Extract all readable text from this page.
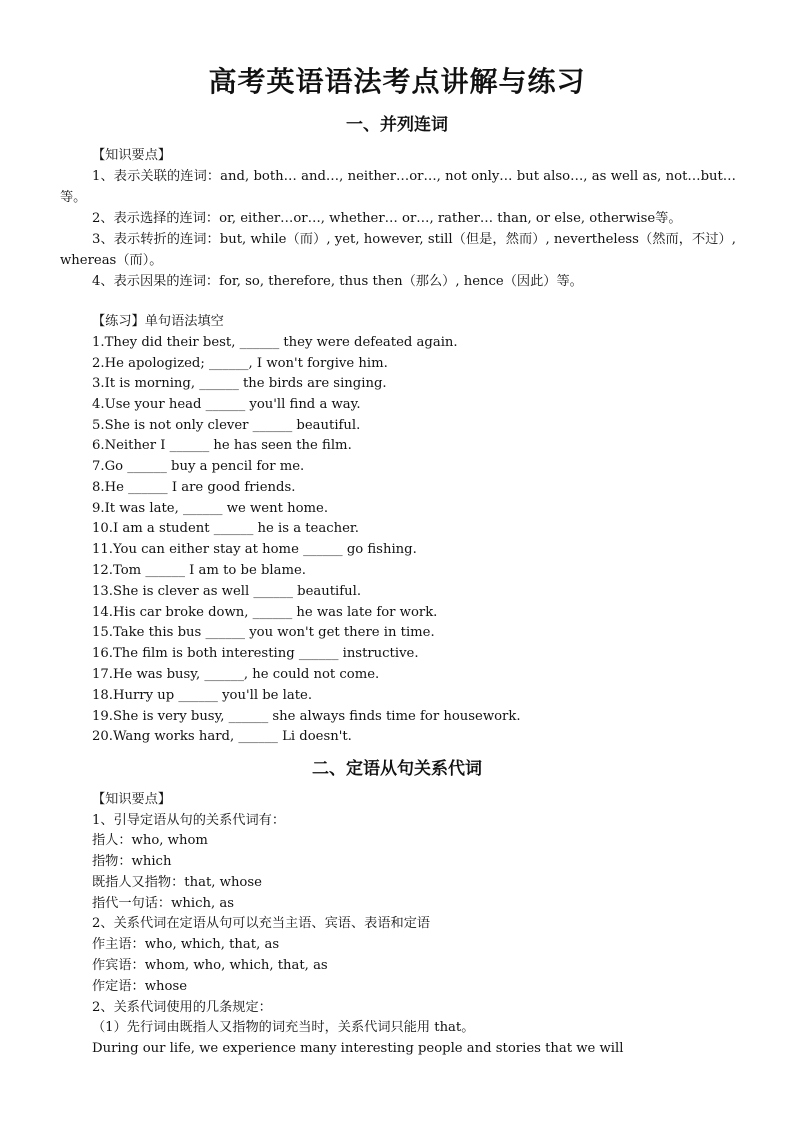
高考英语语法考点讲解与练习
一、并列连词
【知识要点】

1、表示关联的连词：and, both… and…, neither…or…, not only… but also…, as well as, not…but…等。

2、表示选择的连词：or, either…or…, whether… or…, rather… than, or else, otherwise等。

3、表示转折的连词：but, while（而）, yet, however, still（但是，然而）, nevertheless（然而，不过）, whereas（而）。

4、表示因果的连词：for, so, therefore, thus then（那么）, hence（因此）等。

【练习】单句语法填空
1.They did their best, ______ they were defeated again.
2.He apologized; ______, I won't forgive him.
3.It is morning, ______ the birds are singing.
4.Use your head ______ you'll find a way.
5.She is not only clever ______ beautiful.
6.Neither I ______ he has seen the film.
7.Go ______ buy a pencil for me.
8.He ______ I are good friends.
9.It was late, ______ we went home.
10.I am a student ______ he is a teacher.
11.You can either stay at home ______ go fishing.
12.Tom ______ I am to be blame.
13.She is clever as well ______ beautiful.
14.His car broke down, ______ he was late for work.
15.Take this bus ______ you won't get there in time.
16.The film is both interesting ______ instructive.
17.He was busy, ______, he could not come.
18.Hurry up ______ you'll be late.
19.She is very busy, ______ she always finds time for housework.
20.Wang works hard, ______ Li doesn't.
二、定语从句关系代词
【知识要点】
1、引导定语从句的关系代词有：
指人：who, whom
指物：which
既指人又指物：that, whose
指代一句话：which, as
2、关系代词在定语从句可以充当主语、宾语、表语和定语
作主语：who, which, that, as
作宾语：whom, who, which, that, as
作定语：whose
2、关系代词使用的几条规定：
（1）先行词由既指人又指物的词充当时，关系代词只能用 that。
During our life, we experience many interesting people and stories that we will
